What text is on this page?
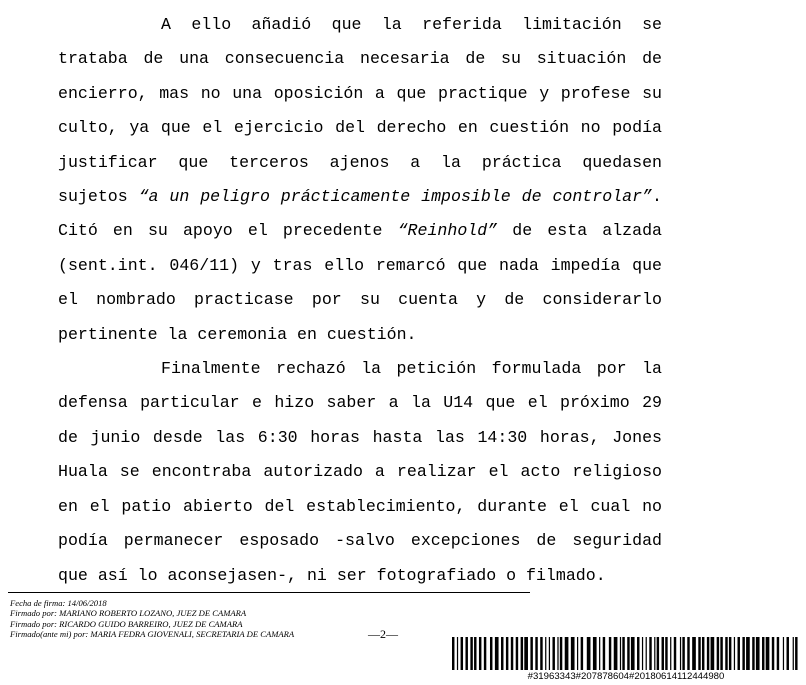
A ello añadió que la referida limitación se trataba de una consecuencia necesaria de su situación de encierro, mas no una oposición a que practique y profese su culto, ya que el ejercicio del derecho en cuestión no podía justificar que terceros ajenos a la práctica quedasen sujetos “a un peligro prácticamente imposible de controlar”. Citó en su apoyo el precedente “Reinhold” de esta alzada (sent.int. 046/11) y tras ello remarcó que nada impedía que el nombrado practicase por su cuenta y de considerarlo pertinente la ceremonia en cuestión.

Finalmente rechazó la petición formulada por la defensa particular e hizo saber a la U14 que el próximo 29 de junio desde las 6:30 horas hasta las 14:30 horas, Jones Huala se encontraba autorizado a realizar el acto religioso en el patio abierto del establecimiento, durante el cual no podía permanecer esposado -salvo excepciones de seguridad que así lo aconsejasen-, ni ser fotografiado o filmado.

Fecha de firma: 14/06/2018
Firmado por: MARIANO ROBERTO LOZANO, JUEZ DE CAMARA
Firmado por: RICARDO GUIDO BARREIRO, JUEZ DE CAMARA
Firmado(ante mi) por: MARIA FEDRA GIOVENALI, SECRETARIA DE CAMARA	—2—
#31963343#207878604#20180614112444980
